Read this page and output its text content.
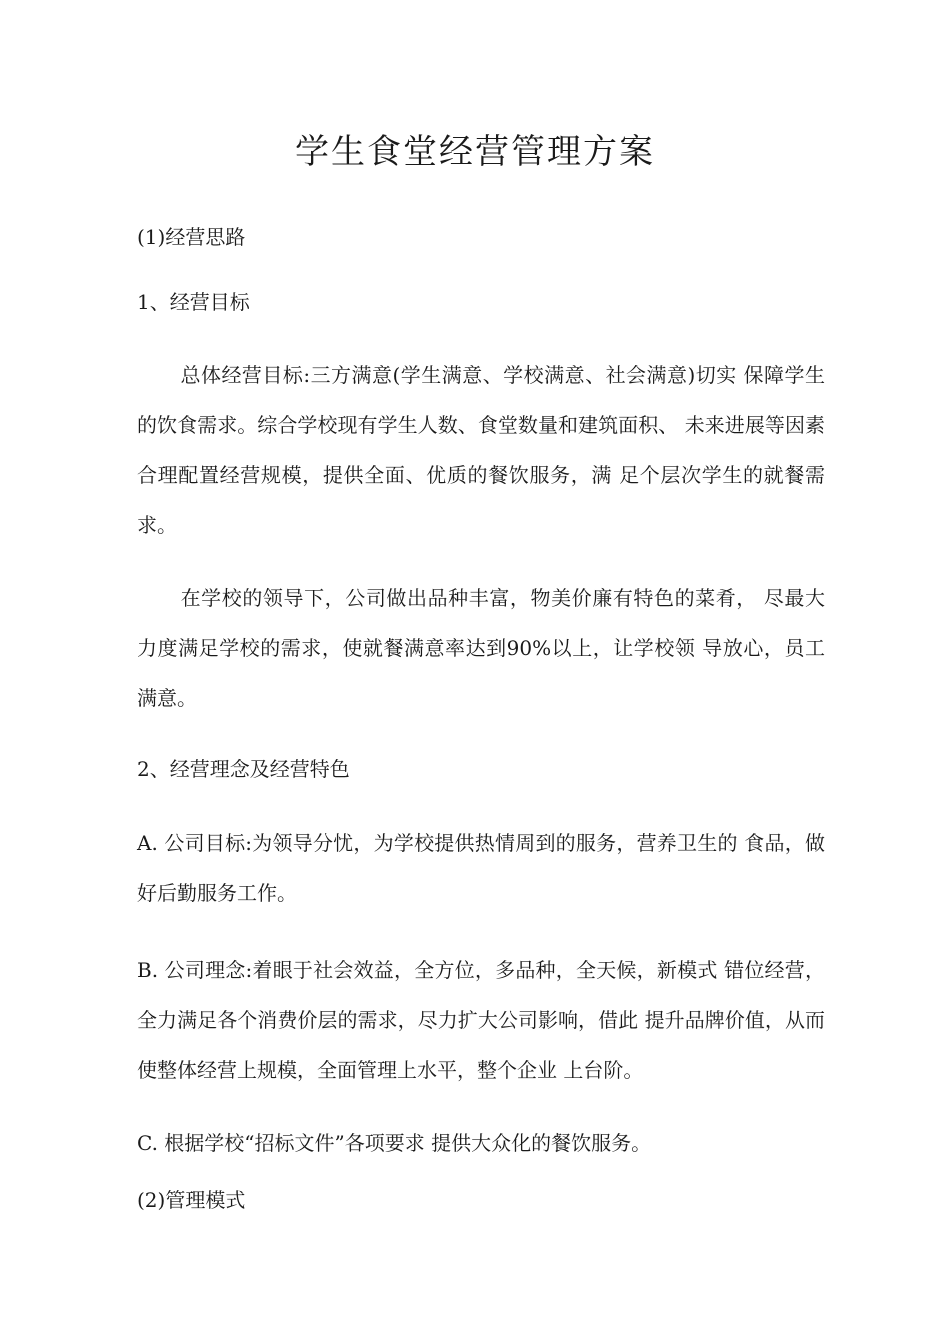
学生食堂经营管理方案
(1)经营思路
1、经营目标
总体经营目标:三方满意(学生满意、学校满意、社会满意)切实 保障学生的饮食需求。综合学校现有学生人数、食堂数量和建筑面积、 未来进展等因素合理配置经营规模，提供全面、优质的餐饮服务，满 足个层次学生的就餐需求。
在学校的领导下，公司做出品种丰富，物美价廉有特色的菜肴， 尽最大力度满足学校的需求，使就餐满意率达到90%以上，让学校领 导放心，员工满意。
2、经营理念及经营特色
A. 公司目标:为领导分忧，为学校提供热情周到的服务，营养卫生的 食品，做好后勤服务工作。
B. 公司理念:着眼于社会效益，全方位，多品种，全天候，新模式 错位经营，全力满足各个消费价层的需求，尽力扩大公司影响，借此 提升品牌价值，从而使整体经营上规模，全面管理上水平，整个企业 上台阶。
C. 根据学校“招标文件”各项要求 提供大众化的餐饮服务。
(2)管理模式
